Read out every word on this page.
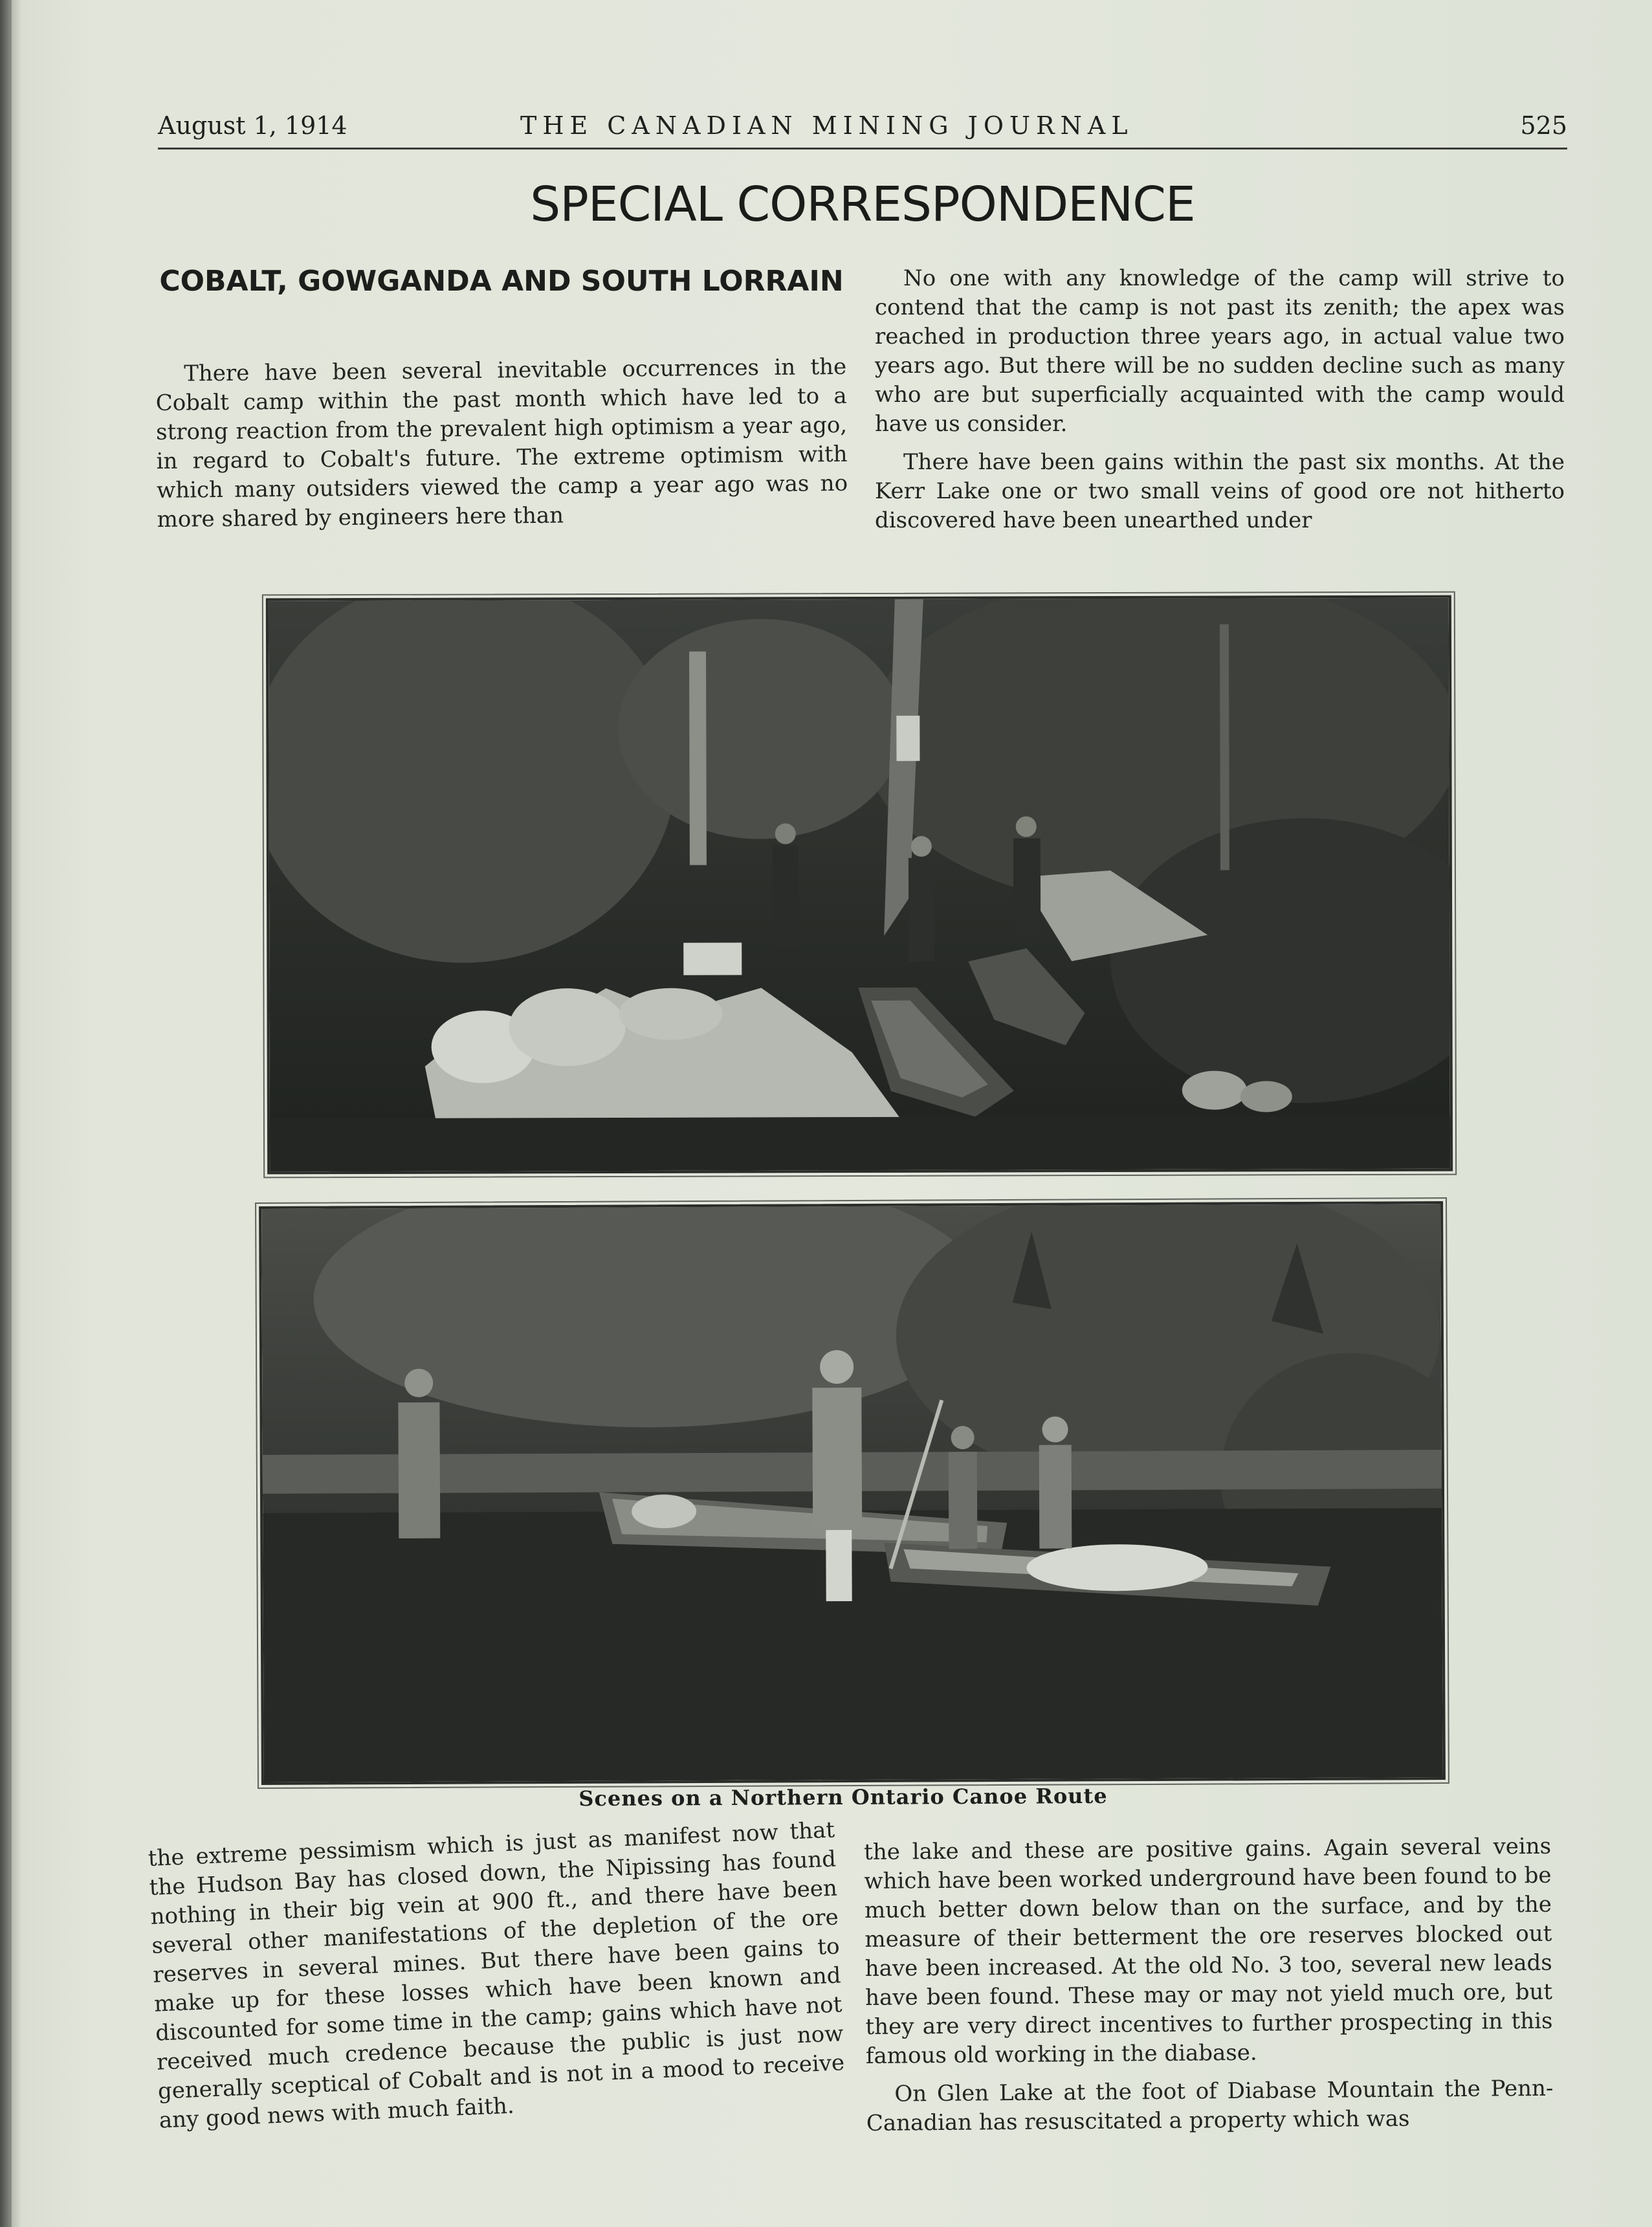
August 1, 1914	THE CANADIAN MINING JOURNAL	525
SPECIAL CORRESPONDENCE
COBALT, GOWGANDA AND SOUTH LORRAIN

There have been several inevitable occurrences in the Cobalt camp within the past month which have led to a strong reaction from the prevalent high optimism a year ago, in regard to Cobalt's future. The extreme optimism with which many outsiders viewed the camp a year ago was no more shared by engineers here than

No one with any knowledge of the camp will strive to contend that the camp is not past its zenith; the apex was reached in production three years ago, in actual value two years ago. But there will be no sudden decline such as many who are but superficially acquainted with the camp would have us consider.

There have been gains within the past six months. At the Kerr Lake one or two small veins of good ore not hitherto discovered have been unearthed under

Scenes on a Northern Ontario Canoe Route

the extreme pessimism which is just as manifest now that the Hudson Bay has closed down, the Nipissing has found nothing in their big vein at 900 ft., and there have been several other manifestations of the depletion of the ore reserves in several mines. But there have been gains to make up for these losses which have been known and discounted for some time in the camp; gains which have not received much credence because the public is just now generally sceptical of Cobalt and is not in a mood to receive any good news with much faith.

the lake and these are positive gains. Again several veins which have been worked underground have been found to be much better down below than on the surface, and by the measure of their betterment the ore reserves blocked out have been increased. At the old No. 3 too, several new leads have been found. These may or may not yield much ore, but they are very direct incentives to further prospecting in this famous old working in the diabase.

On Glen Lake at the foot of Diabase Mountain the Penn-Canadian has resuscitated a property which was
